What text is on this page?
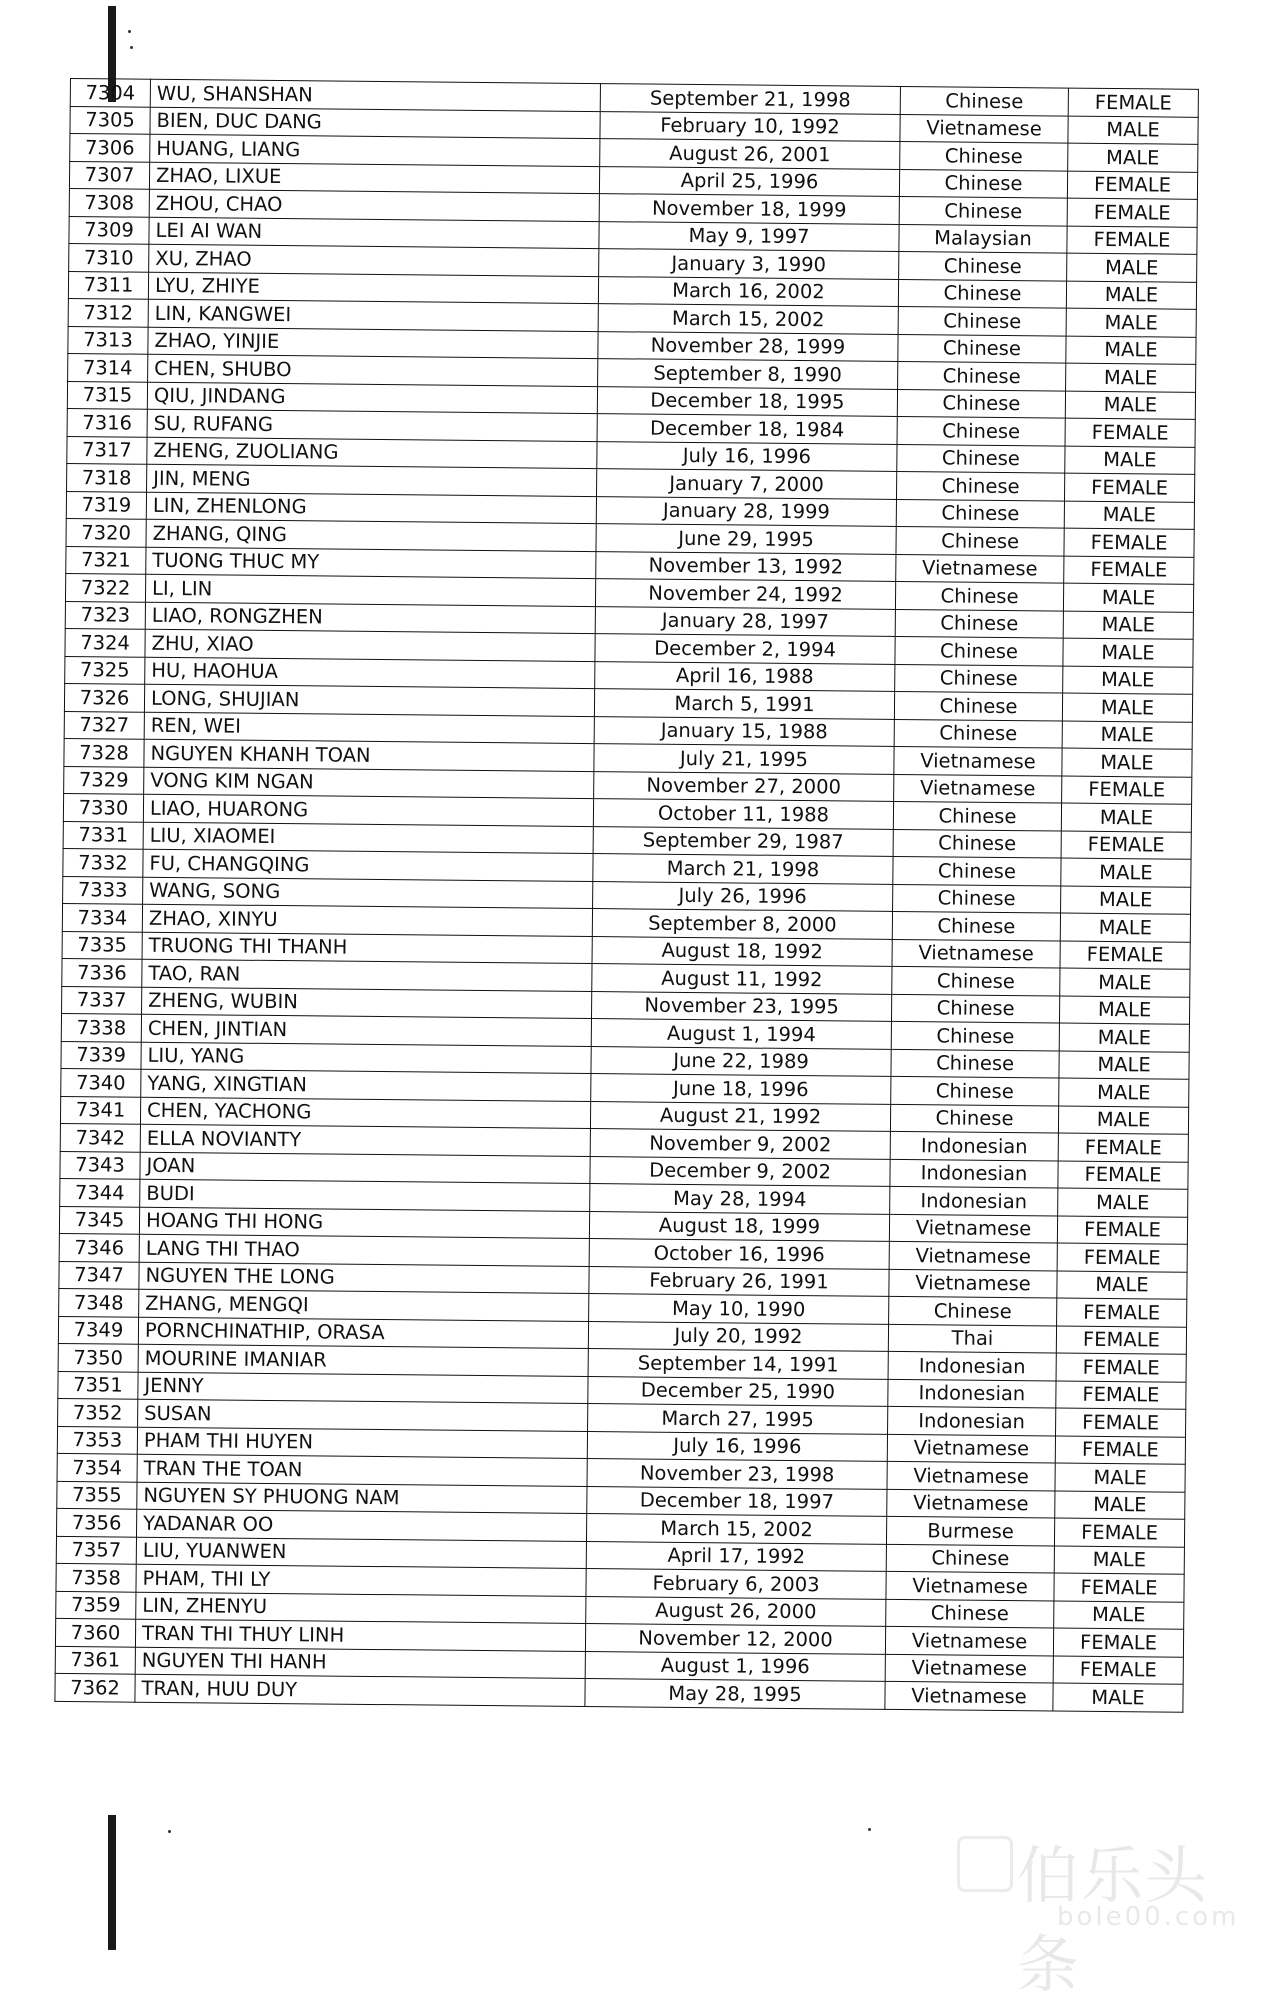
7304	WU, SHANSHAN	September 21, 1998	Chinese	FEMALE
7305	BIEN, DUC DANG	February 10, 1992	Vietnamese	MALE
7306	HUANG, LIANG	August 26, 2001	Chinese	MALE
7307	ZHAO, LIXUE	April 25, 1996	Chinese	FEMALE
7308	ZHOU, CHAO	November 18, 1999	Chinese	FEMALE
7309	LEI AI WAN	May 9, 1997	Malaysian	FEMALE
7310	XU, ZHAO	January 3, 1990	Chinese	MALE
7311	LYU, ZHIYE	March 16, 2002	Chinese	MALE
7312	LIN, KANGWEI	March 15, 2002	Chinese	MALE
7313	ZHAO, YINJIE	November 28, 1999	Chinese	MALE
7314	CHEN, SHUBO	September 8, 1990	Chinese	MALE
7315	QIU, JINDANG	December 18, 1995	Chinese	MALE
7316	SU, RUFANG	December 18, 1984	Chinese	FEMALE
7317	ZHENG, ZUOLIANG	July 16, 1996	Chinese	MALE
7318	JIN, MENG	January 7, 2000	Chinese	FEMALE
7319	LIN, ZHENLONG	January 28, 1999	Chinese	MALE
7320	ZHANG, QING	June 29, 1995	Chinese	FEMALE
7321	TUONG THUC MY	November 13, 1992	Vietnamese	FEMALE
7322	LI, LIN	November 24, 1992	Chinese	MALE
7323	LIAO, RONGZHEN	January 28, 1997	Chinese	MALE
7324	ZHU, XIAO	December 2, 1994	Chinese	MALE
7325	HU, HAOHUA	April 16, 1988	Chinese	MALE
7326	LONG, SHUJIAN	March 5, 1991	Chinese	MALE
7327	REN, WEI	January 15, 1988	Chinese	MALE
7328	NGUYEN KHANH TOAN	July 21, 1995	Vietnamese	MALE
7329	VONG KIM NGAN	November 27, 2000	Vietnamese	FEMALE
7330	LIAO, HUARONG	October 11, 1988	Chinese	MALE
7331	LIU, XIAOMEI	September 29, 1987	Chinese	FEMALE
7332	FU, CHANGQING	March 21, 1998	Chinese	MALE
7333	WANG, SONG	July 26, 1996	Chinese	MALE
7334	ZHAO, XINYU	September 8, 2000	Chinese	MALE
7335	TRUONG THI THANH	August 18, 1992	Vietnamese	FEMALE
7336	TAO, RAN	August 11, 1992	Chinese	MALE
7337	ZHENG, WUBIN	November 23, 1995	Chinese	MALE
7338	CHEN, JINTIAN	August 1, 1994	Chinese	MALE
7339	LIU, YANG	June 22, 1989	Chinese	MALE
7340	YANG, XINGTIAN	June 18, 1996	Chinese	MALE
7341	CHEN, YACHONG	August 21, 1992	Chinese	MALE
7342	ELLA NOVIANTY	November 9, 2002	Indonesian	FEMALE
7343	JOAN	December 9, 2002	Indonesian	FEMALE
7344	BUDI	May 28, 1994	Indonesian	MALE
7345	HOANG THI HONG	August 18, 1999	Vietnamese	FEMALE
7346	LANG THI THAO	October 16, 1996	Vietnamese	FEMALE
7347	NGUYEN THE LONG	February 26, 1991	Vietnamese	MALE
7348	ZHANG, MENGQI	May 10, 1990	Chinese	FEMALE
7349	PORNCHINATHIP, ORASA	July 20, 1992	Thai	FEMALE
7350	MOURINE IMANIAR	September 14, 1991	Indonesian	FEMALE
7351	JENNY	December 25, 1990	Indonesian	FEMALE
7352	SUSAN	March 27, 1995	Indonesian	FEMALE
7353	PHAM THI HUYEN	July 16, 1996	Vietnamese	FEMALE
7354	TRAN THE TOAN	November 23, 1998	Vietnamese	MALE
7355	NGUYEN SY PHUONG NAM	December 18, 1997	Vietnamese	MALE
7356	YADANAR OO	March 15, 2002	Burmese	FEMALE
7357	LIU, YUANWEN	April 17, 1992	Chinese	MALE
7358	PHAM, THI LY	February 6, 2003	Vietnamese	FEMALE
7359	LIN, ZHENYU	August 26, 2000	Chinese	MALE
7360	TRAN THI THUY LINH	November 12, 2000	Vietnamese	FEMALE
7361	NGUYEN THI HANH	August 1, 1996	Vietnamese	FEMALE
7362	TRAN, HUU DUY	May 28, 1995	Vietnamese	MALE
伯乐头条
bole00.com
